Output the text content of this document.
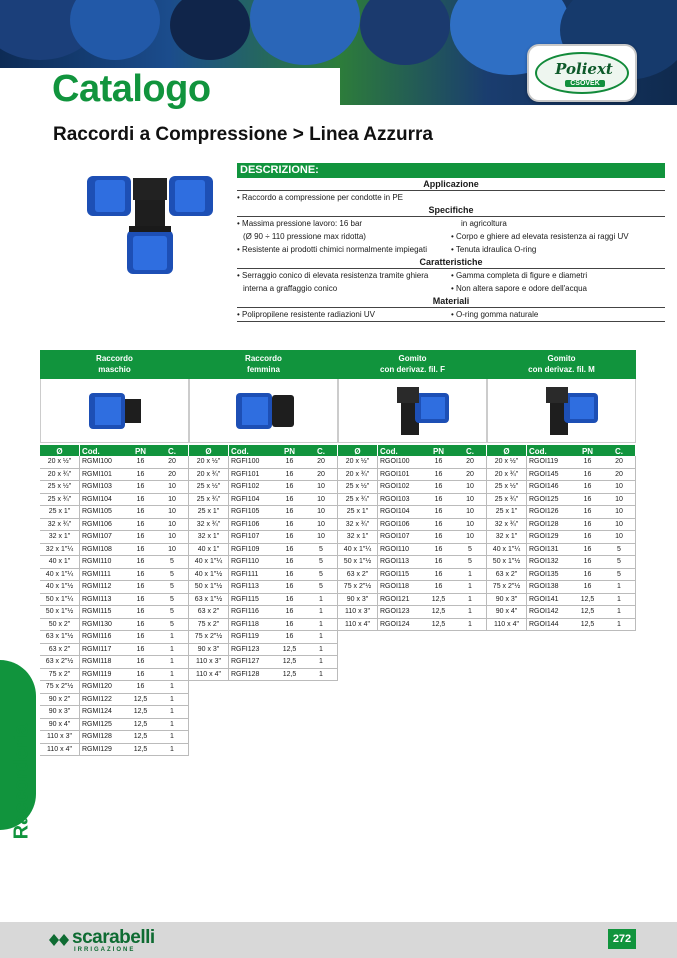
Catalogo	Poliext
CSÖVEK
Raccordi a Compressione > Linea Azzurra
DESCRIZIONE:
Applicazione
• Raccordo a compressione per condotte in PE
Specifiche
• Massima pressione lavoro: 16 bar	in agricoltura
(Ø 90 ÷ 110 pressione max ridotta)	• Corpo e ghiere ad elevata resistenza ai raggi UV
• Resistente ai prodotti chimici normalmente impiegati	• Tenuta idraulica O-ring
Caratteristiche
• Serraggio conico di elevata resistenza tramite ghiera	• Gamma completa di figure e diametri
interna a graffaggio conico	• Non altera sapore e odore dell'acqua
Materiali
• Polipropilene resistente radiazioni UV	• O-ring gomma naturale
Raccordo
maschio
Ø	Cod.	PN	C.
20 x ½"	RGMI100	16	20
20 x ¾"	RGMI101	16	20
25 x ½"	RGMI103	16	10
25 x ¾"	RGMI104	16	10
25 x 1"	RGMI105	16	10
32 x ¾"	RGMI106	16	10
32 x 1"	RGMI107	16	10
32 x 1"¼	RGMI108	16	10
40 x 1"	RGMI110	16	5
40 x 1"¼	RGMI111	16	5
40 x 1"½	RGMI112	16	5
50 x 1"¼	RGMI113	16	5
50 x 1"½	RGMI115	16	5
50 x 2"	RGMI130	16	5
63 x 1"½	RGMI116	16	1
63 x 2"	RGMI117	16	1
63 x 2"½	RGMI118	16	1
75 x 2"	RGMI119	16	1
75 x 2"½	RGMI120	16	1
90 x 2"	RGMI122	12,5	1
90 x 3"	RGMI124	12,5	1
90 x 4"	RGMI125	12,5	1
110 x 3"	RGMI128	12,5	1
110 x 4"	RGMI129	12,5	1
Raccordo
femmina
Ø	Cod.	PN	C.
20 x ½"	RGFI100	16	20
20 x ¾"	RGFI101	16	20
25 x ½"	RGFI102	16	10
25 x ¾"	RGFI104	16	10
25 x 1"	RGFI105	16	10
32 x ¾"	RGFI106	16	10
32 x 1"	RGFI107	16	10
40 x 1"	RGFI109	16	5
40 x 1"¼	RGFI110	16	5
40 x 1"½	RGFI111	16	5
50 x 1"½	RGFI113	16	5
63 x 1"½	RGFI115	16	1
63 x 2"	RGFI116	16	1
75 x 2"	RGFI118	16	1
75 x 2"½	RGFI119	16	1
90 x 3"	RGFI123	12,5	1
110 x 3"	RGFI127	12,5	1
110 x 4"	RGFI128	12,5	1
Gomito
con derivaz. fil. F
Ø	Cod.	PN	C.
20 x ½"	RGOI100	16	20
20 x ¾"	RGOI101	16	20
25 x ½"	RGOI102	16	10
25 x ¾"	RGOI103	16	10
25 x 1"	RGOI104	16	10
32 x ¾"	RGOI106	16	10
32 x 1"	RGOI107	16	10
40 x 1"¼	RGOI110	16	5
50 x 1"½	RGOI113	16	5
63 x 2"	RGOI115	16	1
75 x 2"½	RGOI118	16	1
90 x 3"	RGOI121	12,5	1
110 x 3"	RGOI123	12,5	1
110 x 4"	RGOI124	12,5	1
Gomito
con derivaz. fil. M
Ø	Cod.	PN	C.
20 x ½"	RGOI119	16	20
20 x ¾"	RGOI145	16	20
25 x ½"	RGOI146	16	10
25 x ¾"	RGOI125	16	10
25 x 1"	RGOI126	16	10
32 x ¾"	RGOI128	16	10
32 x 1"	RGOI129	16	10
40 x 1"¼	RGOI131	16	5
50 x 1"½	RGOI132	16	5
63 x 2"	RGOI135	16	5
75 x 2"½	RGOI138	16	1
90 x 3"	RGOI141	12,5	1
90 x 4"	RGOI142	12,5	1
110 x 4"	RGOI144	12,5	1
Raccorderia
scarabelli
IRRIGAZIONE
272
